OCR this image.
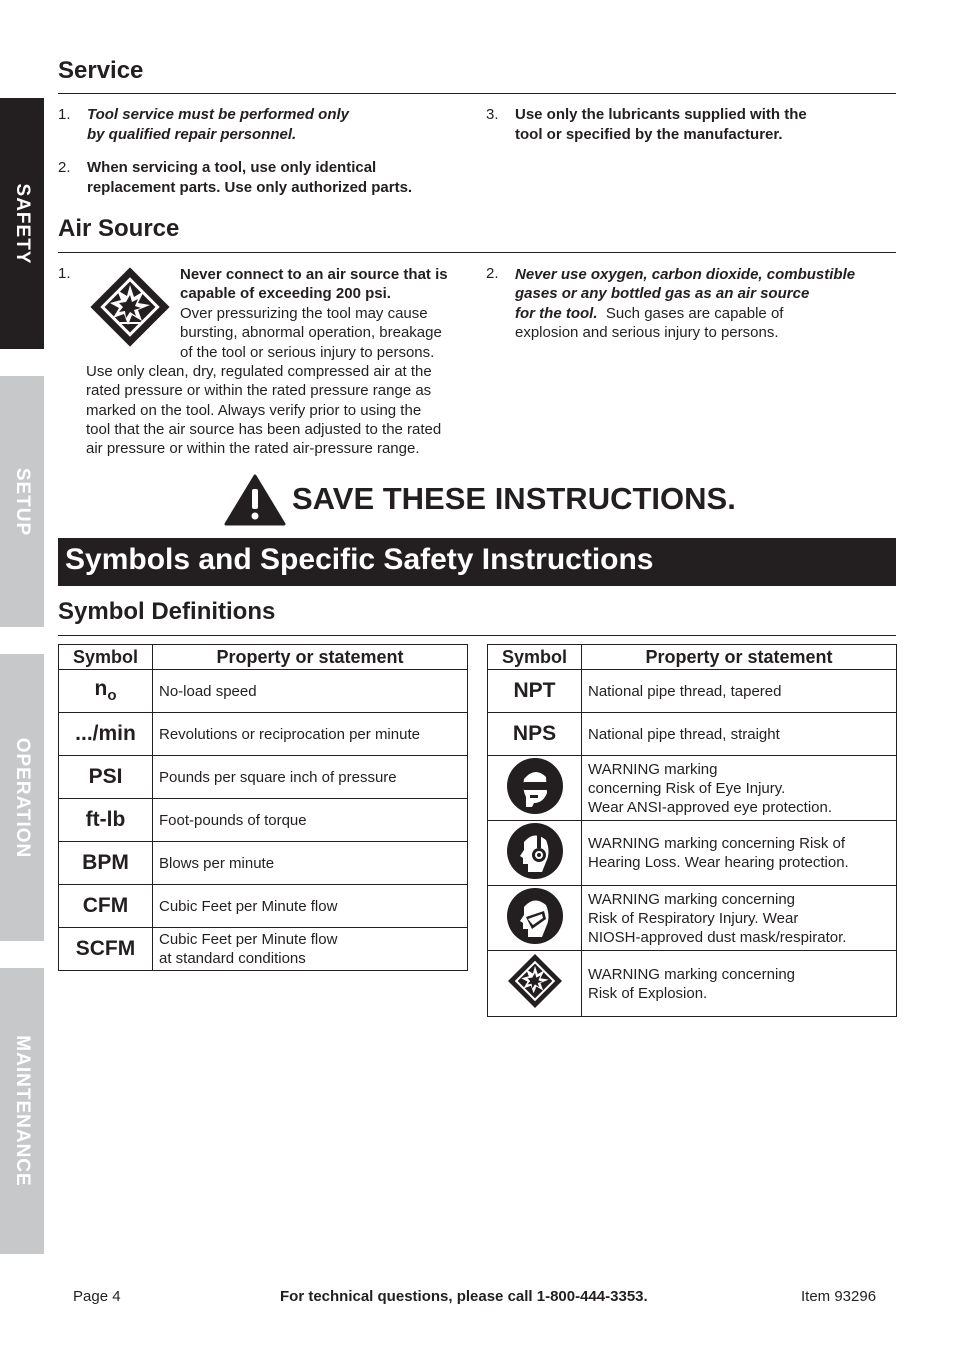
SAFETY
SETUP
OPERATION
MAINTENANCE
Service
1. Tool service must be performed only
by qualified repair personnel.
2. When servicing a tool, use only identical
replacement parts. Use only authorized parts.
3. Use only the lubricants supplied with the
tool or specified by the manufacturer.
Air Source
1.	Never connect to an air source that is
capable of exceeding 200 psi.
Over pressurizing the tool may cause
bursting, abnormal operation, breakage
of the tool or serious injury to persons.
Use only clean, dry, regulated compressed air at the
rated pressure or within the rated pressure range as
marked on the tool. Always verify prior to using the
tool that the air source has been adjusted to the rated
air pressure or within the rated air-pressure range.
2. Never use oxygen, carbon dioxide, combustible
gases or any bottled gas as an air source
for the tool.  Such gases are capable of
explosion and serious injury to persons.
SAVE THESE INSTRUCTIONS.
Symbols and Specific Safety Instructions
Symbol Definitions
Symbol	Property or statement
$n_o$	No-load speed

.../min	Revolutions or reciprocation per minute

PSI	Pounds per square inch of pressure

ft-lb	Foot-pounds of torque

BPM	Blows per minute

CFM	Cubic Feet per Minute flow

SCFM	Cubic Feet per Minute flow
at standard conditions
Symbol	Property or statement
NPT	National pipe thread, tapered

NPS	National pipe thread, straight

WARNING marking
concerning Risk of Eye Injury.
Wear ANSI-approved eye protection.

WARNING marking concerning Risk of
Hearing Loss. Wear hearing protection.

WARNING marking concerning
Risk of Respiratory Injury. Wear
NIOSH-approved dust mask/respirator.

WARNING marking concerning
Risk of Explosion.
Page 4	For technical questions, please call 1-800-444-3353.	Item 93296
